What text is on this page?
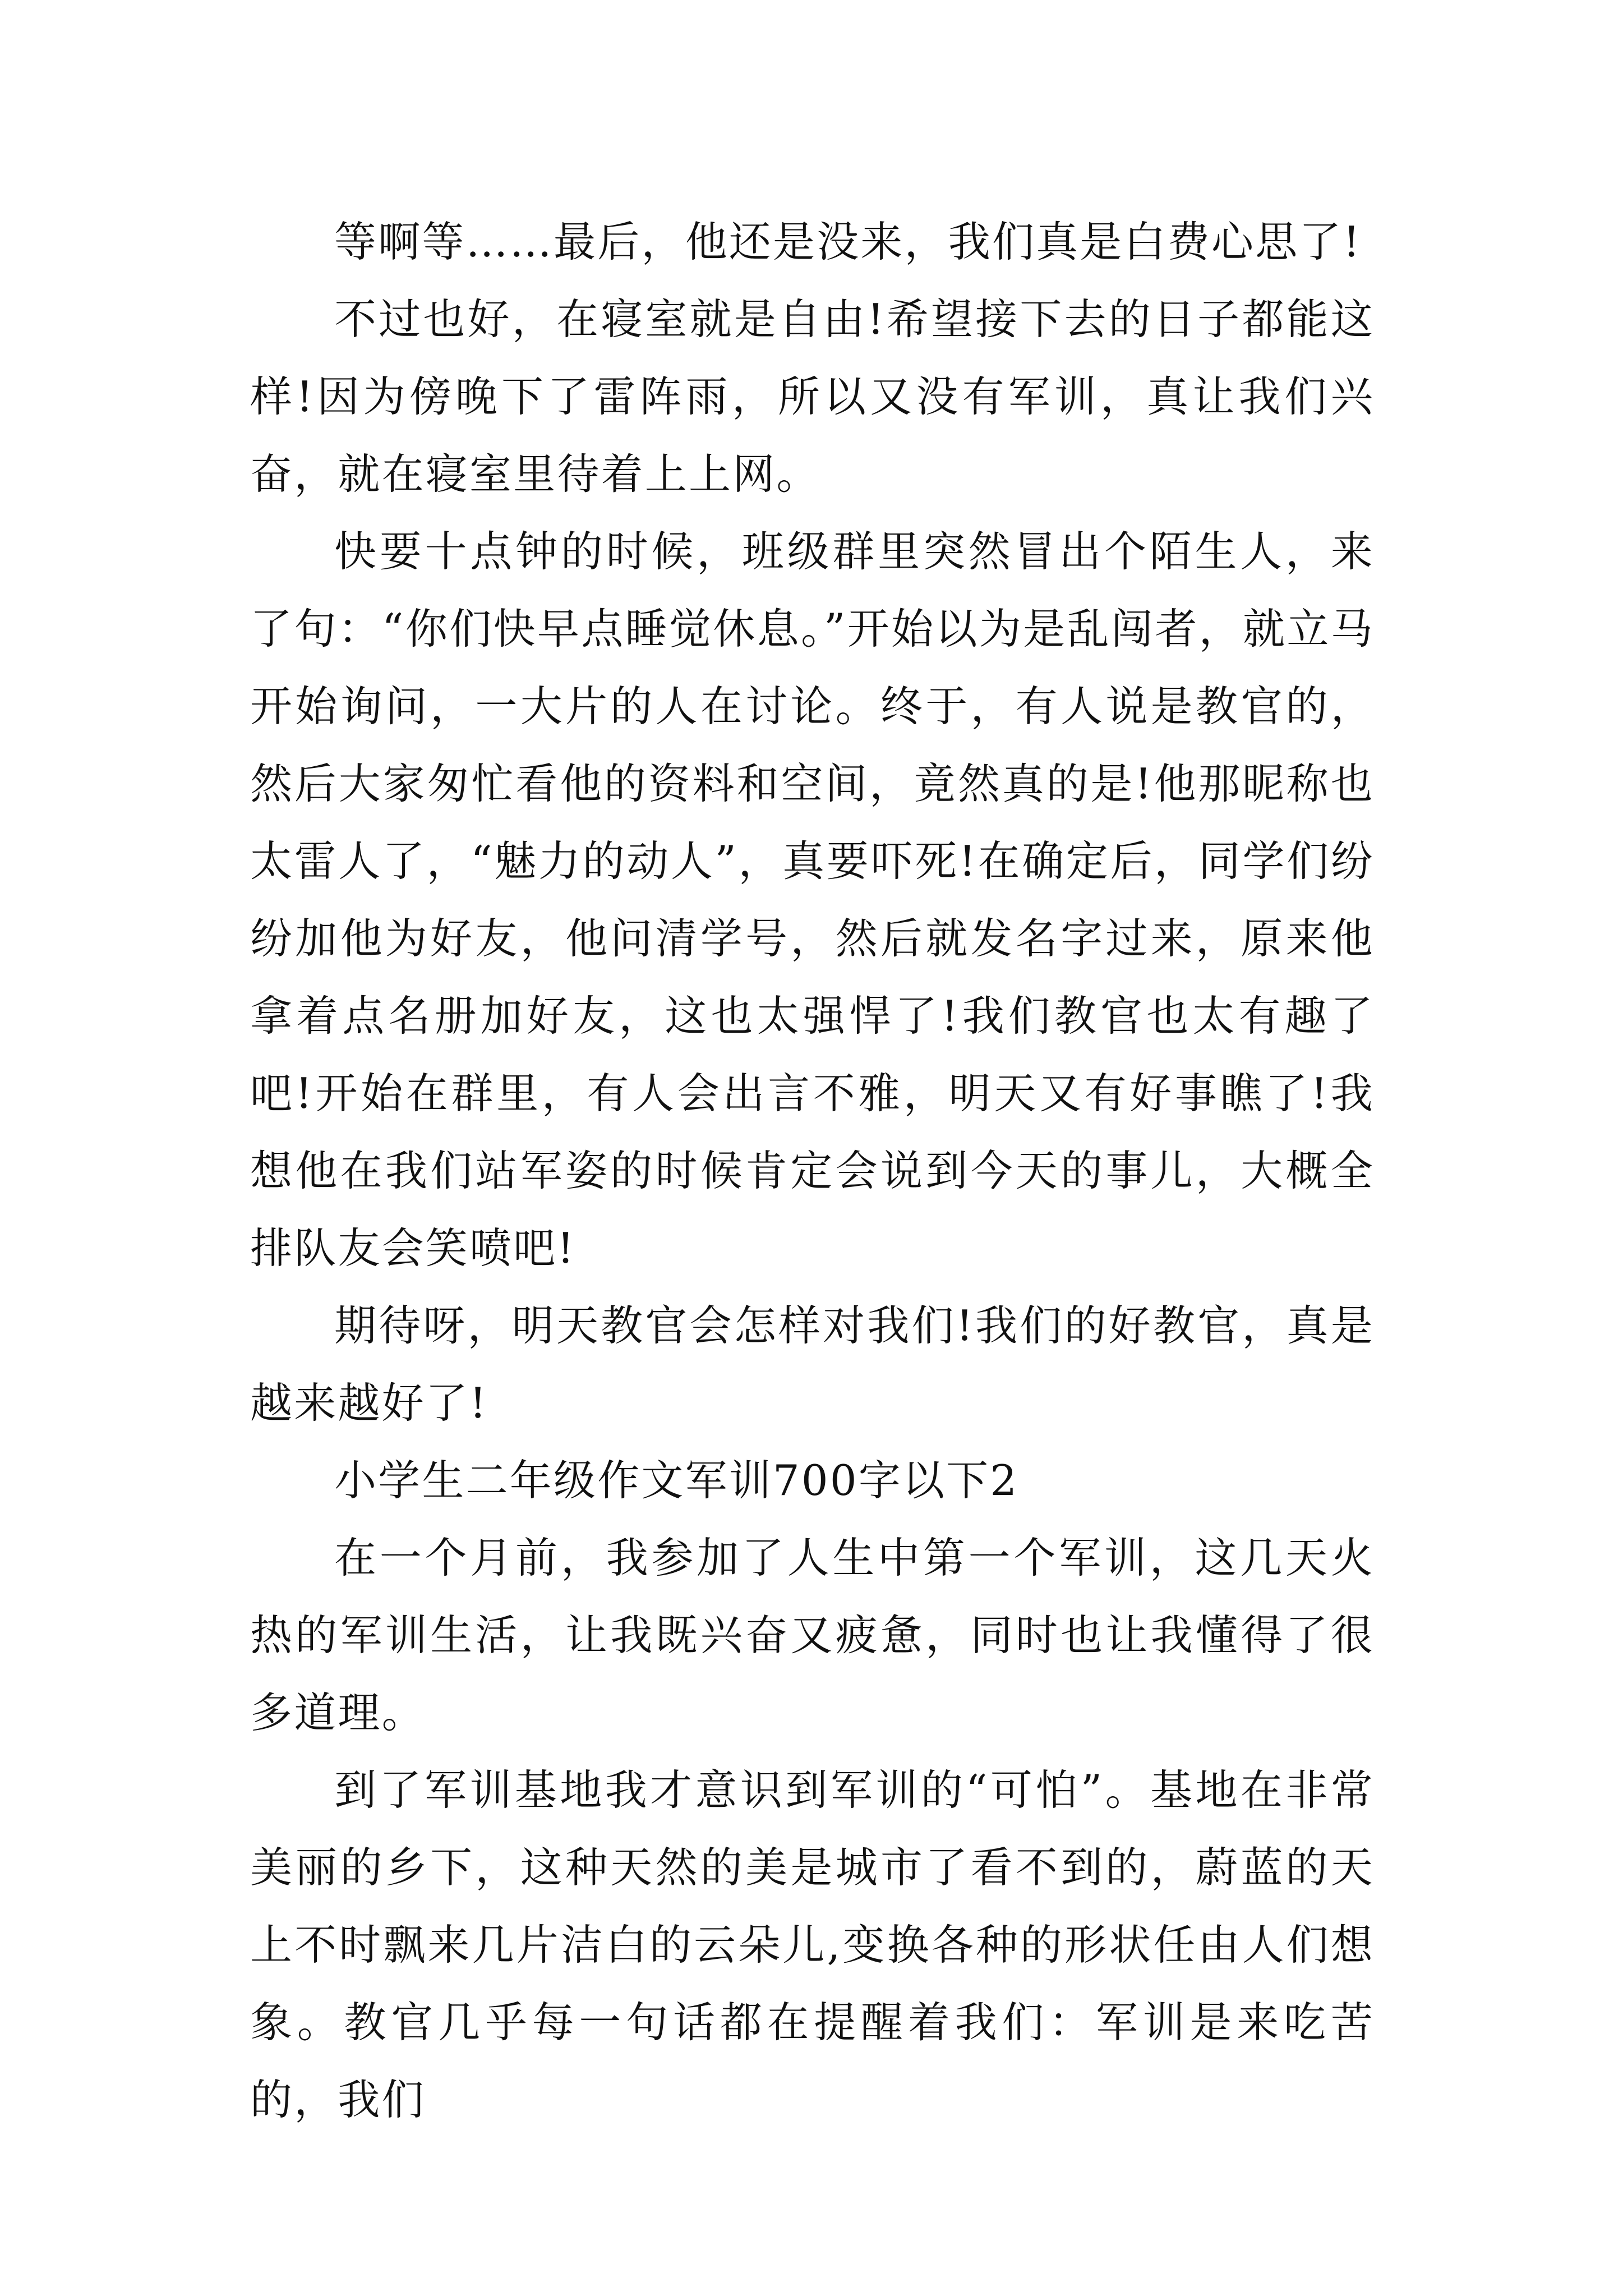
等啊等……最后，他还是没来，我们真是白费心思了!

不过也好，在寝室就是自由!希望接下去的日子都能这样!因为傍晚下了雷阵雨，所以又没有军训，真让我们兴奋，就在寝室里待着上上网。

快要十点钟的时候，班级群里突然冒出个陌生人，来了句：“你们快早点睡觉休息。”开始以为是乱闯者，就立马开始询问，一大片的人在讨论。终于，有人说是教官的，然后大家匆忙看他的资料和空间，竟然真的是!他那昵称也太雷人了，“魅力的动人”，真要吓死!在确定后，同学们纷纷加他为好友，他问清学号，然后就发名字过来，原来他拿着点名册加好友，这也太强悍了!我们教官也太有趣了吧!开始在群里，有人会出言不雅，明天又有好事瞧了!我想他在我们站军姿的时候肯定会说到今天的事儿，大概全排队友会笑喷吧!

期待呀，明天教官会怎样对我们!我们的好教官，真是越来越好了!

小学生二年级作文军训700字以下2

在一个月前，我参加了人生中第一个军训，这几天火热的军训生活，让我既兴奋又疲惫，同时也让我懂得了很多道理。

到了军训基地我才意识到军训的“可怕”。基地在非常美丽的乡下，这种天然的美是城市了看不到的，蔚蓝的天上不时飘来几片洁白的云朵儿,变换各种的形状任由人们想象。教官几乎每一句话都在提醒着我们：军训是来吃苦的，我们
